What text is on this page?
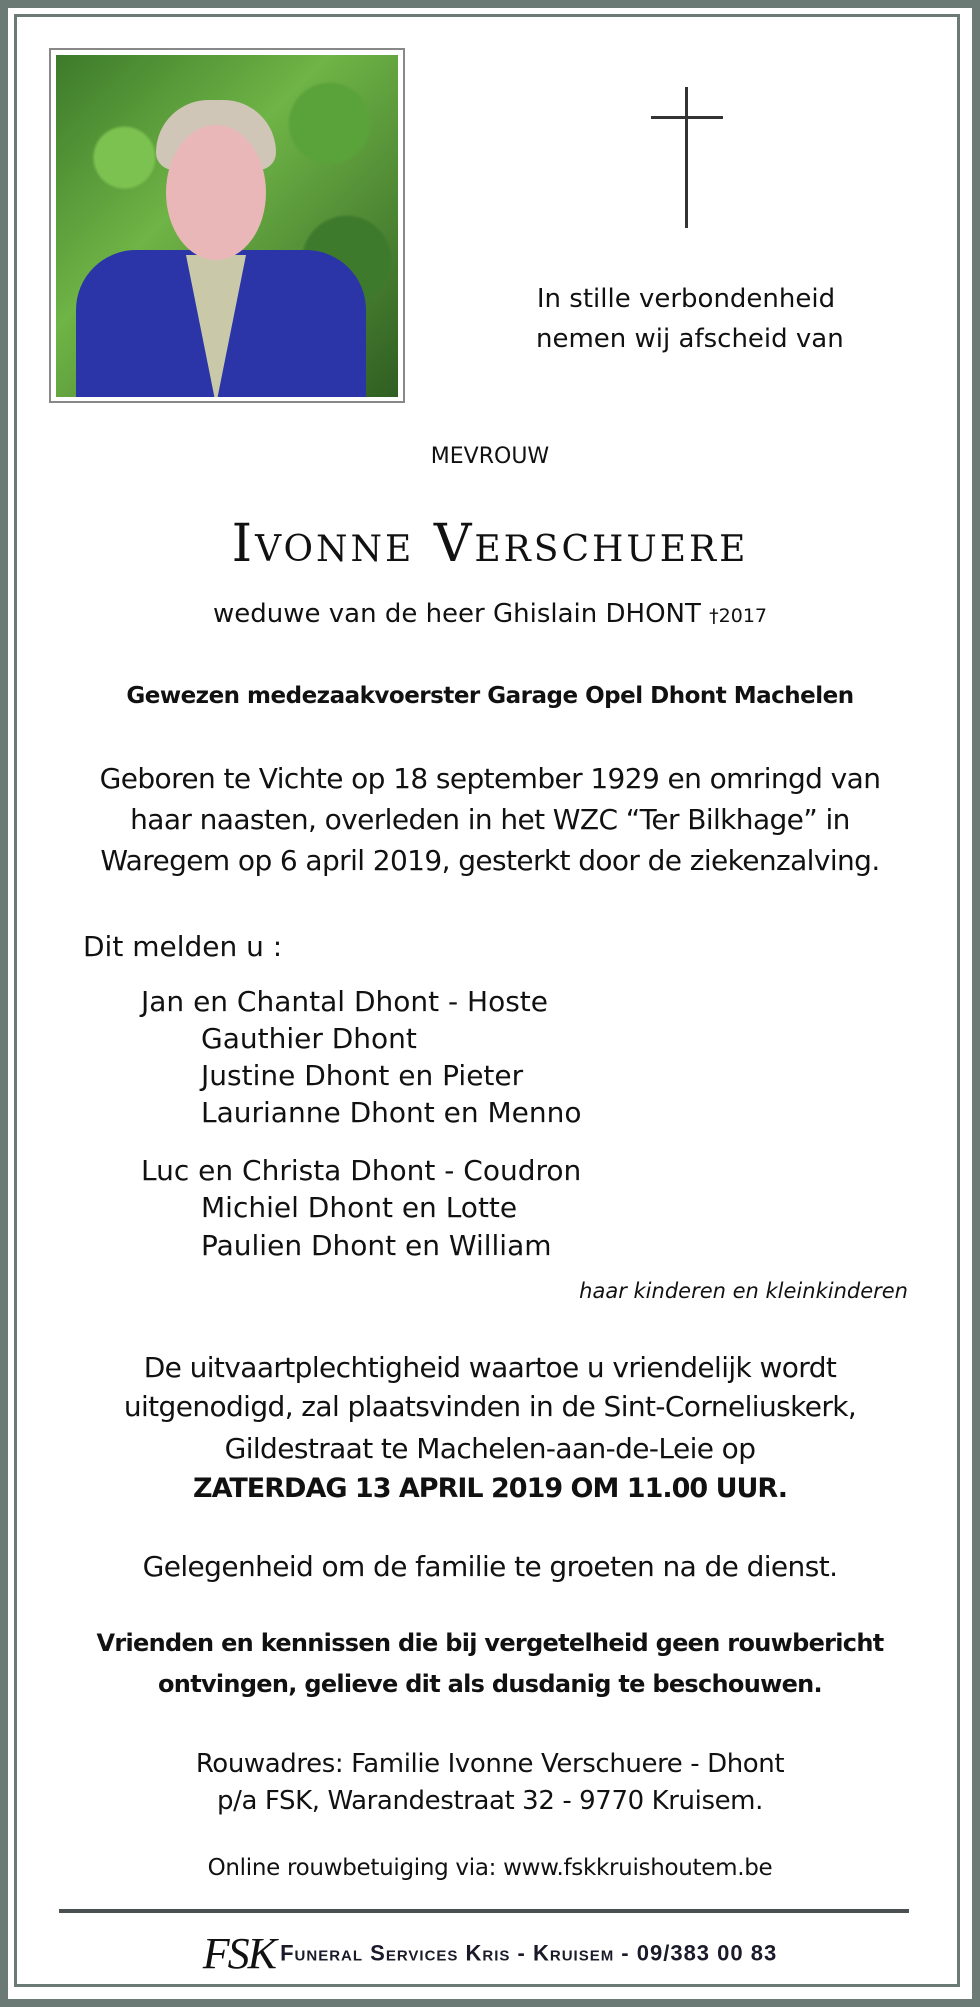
In stille verbondenheid
nemen wij afscheid van
MEVROUW
Ivonne Verschuere
weduwe van de heer Ghislain DHONT †2017
Gewezen medezaakvoerster Garage Opel Dhont Machelen
Geboren te Vichte op 18 september 1929 en omringd van
haar naasten, overleden in het WZC “Ter Bilkhage” in
Waregem op 6 april 2019, gesterkt door de ziekenzalving.
Dit melden u :
Jan en Chantal Dhont - Hoste
Gauthier Dhont
Justine Dhont en Pieter
Laurianne Dhont en Menno
Luc en Christa Dhont - Coudron
Michiel Dhont en Lotte
Paulien Dhont en William
haar kinderen en kleinkinderen
De uitvaartplechtigheid waartoe u vriendelijk wordt
uitgenodigd, zal plaatsvinden in de Sint-Corneliuskerk,
Gildestraat te Machelen-aan-de-Leie op
ZATERDAG 13 APRIL 2019 OM 11.00 UUR.
Gelegenheid om de familie te groeten na de dienst.
Vrienden en kennissen die bij vergetelheid geen rouwbericht
ontvingen, gelieve dit als dusdanig te beschouwen.
Rouwadres: Familie Ivonne Verschuere - Dhont
p/a FSK, Warandestraat 32 - 9770 Kruisem.
Online rouwbetuiging via: www.fskkruishoutem.be
FSK Funeral Services Kris - Kruisem - 09/383 00 83
